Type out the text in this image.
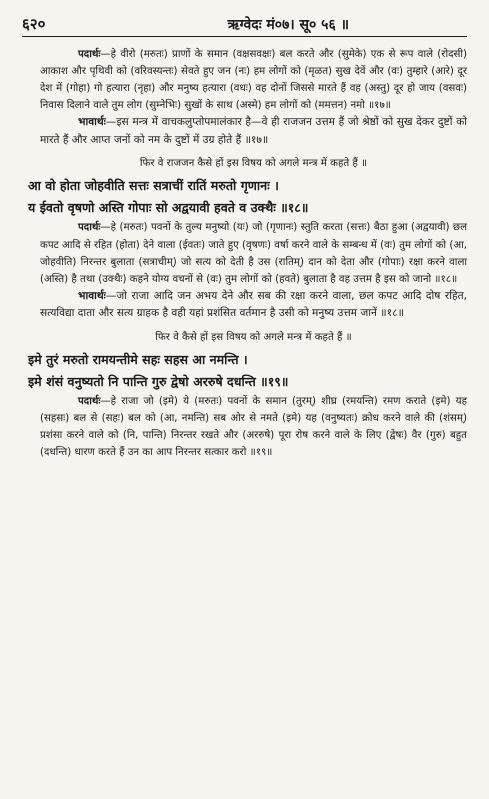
६२०	ऋग्वेदः मं०७। सू० ५६ ॥

पदार्थः—हे वीरो (मरुतः) प्राणों के समान (वक्षसवक्षः) बल करते और (सुमेके) एक से रूप वाले (रोदसी) आकाश और पृथिवी को (वरिवस्यन्तः) सेवते हुए जन (नः) हम लोगों को (मृळत) सुख देवें और (वः) तुम्हारे (आरे) दूर देश में (गोहा) गो हत्यारा (नृहा) और मनुष्य हत्यारा (वधः) वह दोनों जिससे मारते हैं वह (अस्तु) दूर हो जाय (वसवः) निवास दिलाने वाले तुम लोग (सुम्नेभिः) सुखों के साथ (अस्मे) हम लोगों को (ममत्तन) नमो ॥१७॥

भावार्थः—इस मन्त्र में वाचकलुप्तोपमालंकार है—वे ही राजजन उत्तम हैं जो श्रेष्ठों को सुख देकर दुष्टों को मारते हैं और आप्त जनों को नम के दुष्टों में उग्र होते हैं ॥१७॥

फिर वे राजजन कैसे हों इस विषय को अगले मन्त्र में कहते हैं ॥

आ वो होता जोहवीति सत्तः सत्राचीं रातिं मरुतो गृणानः ।

य ईवतो वृषणो अस्ति गोपाः सो अद्वयावी हवते व उक्थैः ॥१८॥

पदार्थः—हे (मरुतः) पवनों के तुल्य मनुष्यो (यः) जो (गृणानः) स्तुति करता (सत्तः) बैठा हुआ (अद्वयावी) छल कपट आदि से रहित (होता) देने वाला (ईवतः) जाते हुए (वृषणः) वर्षा करने वाले के सम्बन्ध में (वः) तुम लोगों को (आ, जोहवीति) निरन्तर बुलाता (सत्राचीम्) जो सत्य को देती है उस (रातिम्) दान को देता और (गोपाः) रक्षा करने वाला (अस्ति) है तथा (उक्थैः) कहने योग्य वचनों से (वः) तुम लोगों को (हवते) बुलाता है वह उत्तम है इस को जानो ॥१८॥

भावार्थः—जो राजा आदि जन अभय देने और सब की रक्षा करने वाला, छल कपट आदि दोष रहित, सत्यविद्या दाता और सत्य ग्राहक है वही यहां प्रशंसित वर्तमान है उसी को मनुष्य उत्तम जानें ॥१८॥

फिर वे कैसे हों इस विषय को अगले मन्त्र में कहते हैं ॥

इमे तुरं मरुतो रामयन्तीमे सहः सहस आ नमन्ति ।

इमे शंसं वनुष्यतो नि पान्ति गुरु द्वेषो अररुषे दधन्ति ॥१९॥

पदार्थः—हे राजा जो (इमे) ये (मरुतः) पवनों के समान (तुरम्) शीघ्र (रमयन्ति) रमण कराते (इमे) यह (सहसः) बल से (सहः) बल को (आ, नमन्ति) सब ओर से नमते (इमे) यह (वनुष्यतः) क्रोध करने वाले की (शंसम्) प्रशंसा करने वाले को (नि, पान्ति) निरन्तर रखते और (अररुषे) पूरा रोष करने वाले के लिए (द्वेषः) वैर (गुरु) बहुत (दधन्ति) धारण करते हैं उन का आप निरन्तर सत्कार करो ॥१९॥
